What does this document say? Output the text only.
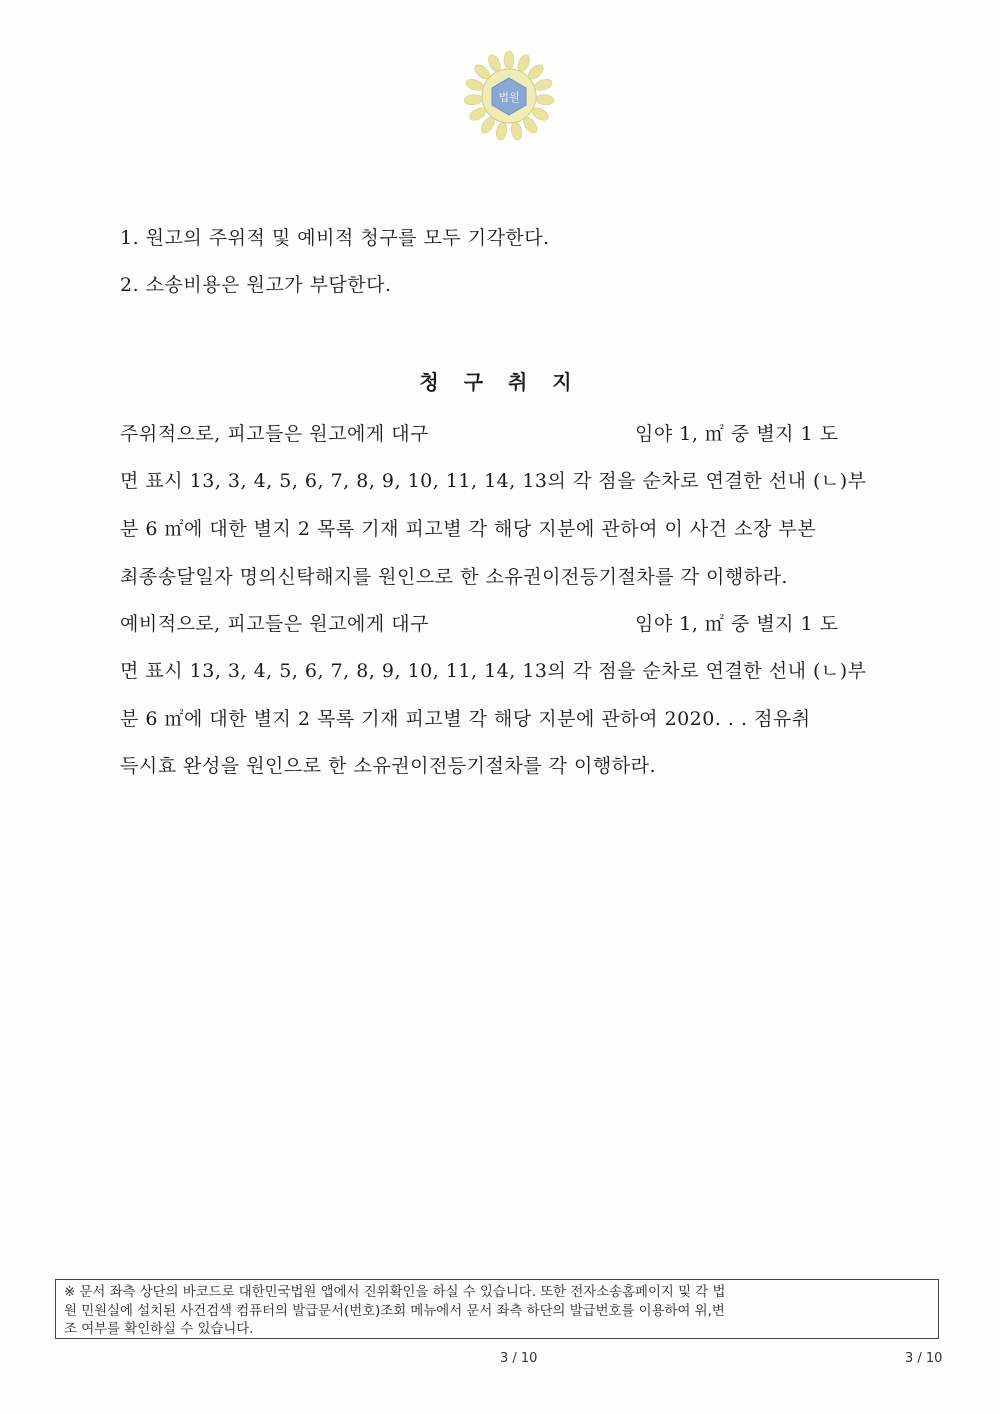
법원
1. 원고의 주위적 및 예비적 청구를 모두 기각한다.
2. 소송비용은 원고가 부담한다.
청 구 취 지
주위적으로, 피고들은 원고에게 대구	임야 1, ㎡ 중 별지 1 도
면 표시 13, 3, 4, 5, 6, 7, 8, 9, 10, 11, 14, 13의 각 점을 순차로 연결한 선내 (ㄴ)부
분 6 ㎡에 대한 별지 2 목록 기재 피고별 각 해당 지분에 관하여 이 사건 소장 부본
최종송달일자 명의신탁해지를 원인으로 한 소유권이전등기절차를 각 이행하라.
예비적으로, 피고들은 원고에게 대구	임야 1, ㎡ 중 별지 1 도
면 표시 13, 3, 4, 5, 6, 7, 8, 9, 10, 11, 14, 13의 각 점을 순차로 연결한 선내 (ㄴ)부
분 6 ㎡에 대한 별지 2 목록 기재 피고별 각 해당 지분에 관하여 2020. . . 점유취
득시효 완성을 원인으로 한 소유권이전등기절차를 각 이행하라.
※ 문서 좌측 상단의 바코드로 대한민국법원 앱에서 진위확인을 하실 수 있습니다. 또한 전자소송홈페이지 및 각 법
원 민원실에 설치된 사건검색 컴퓨터의 발급문서(번호)조회 메뉴에서 문서 좌측 하단의 발급번호를 이용하여 위,변
조 여부를 확인하실 수 있습니다.
3 / 10	3 / 10
